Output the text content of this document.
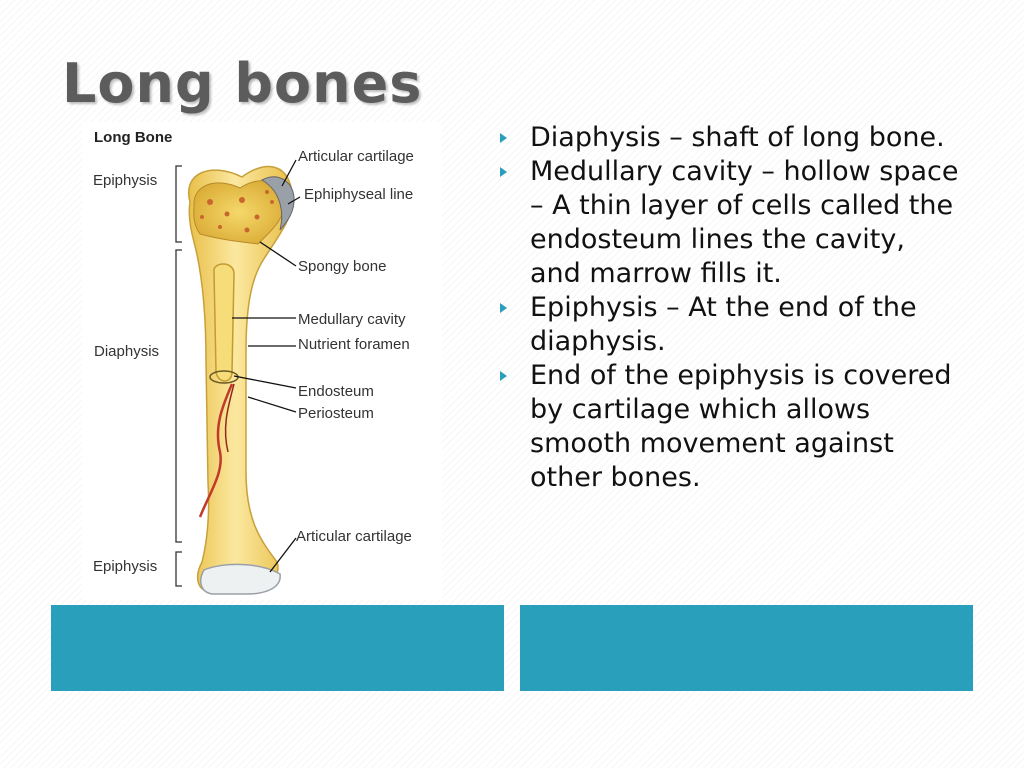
Long bones
Long Bone
Articular cartilage
Ephiphyseal line
Spongy bone
Medullary cavity
Nutrient foramen
Endosteum
Periosteum
Articular cartilage
Epiphysis
Diaphysis
Epiphysis
Diaphysis – shaft of long bone.
Medullary cavity – hollow space – A thin layer of cells called the endosteum lines the cavity, and marrow fills it.
Epiphysis – At the end of the diaphysis.
End of the epiphysis is covered by cartilage which allows smooth movement against other bones.
